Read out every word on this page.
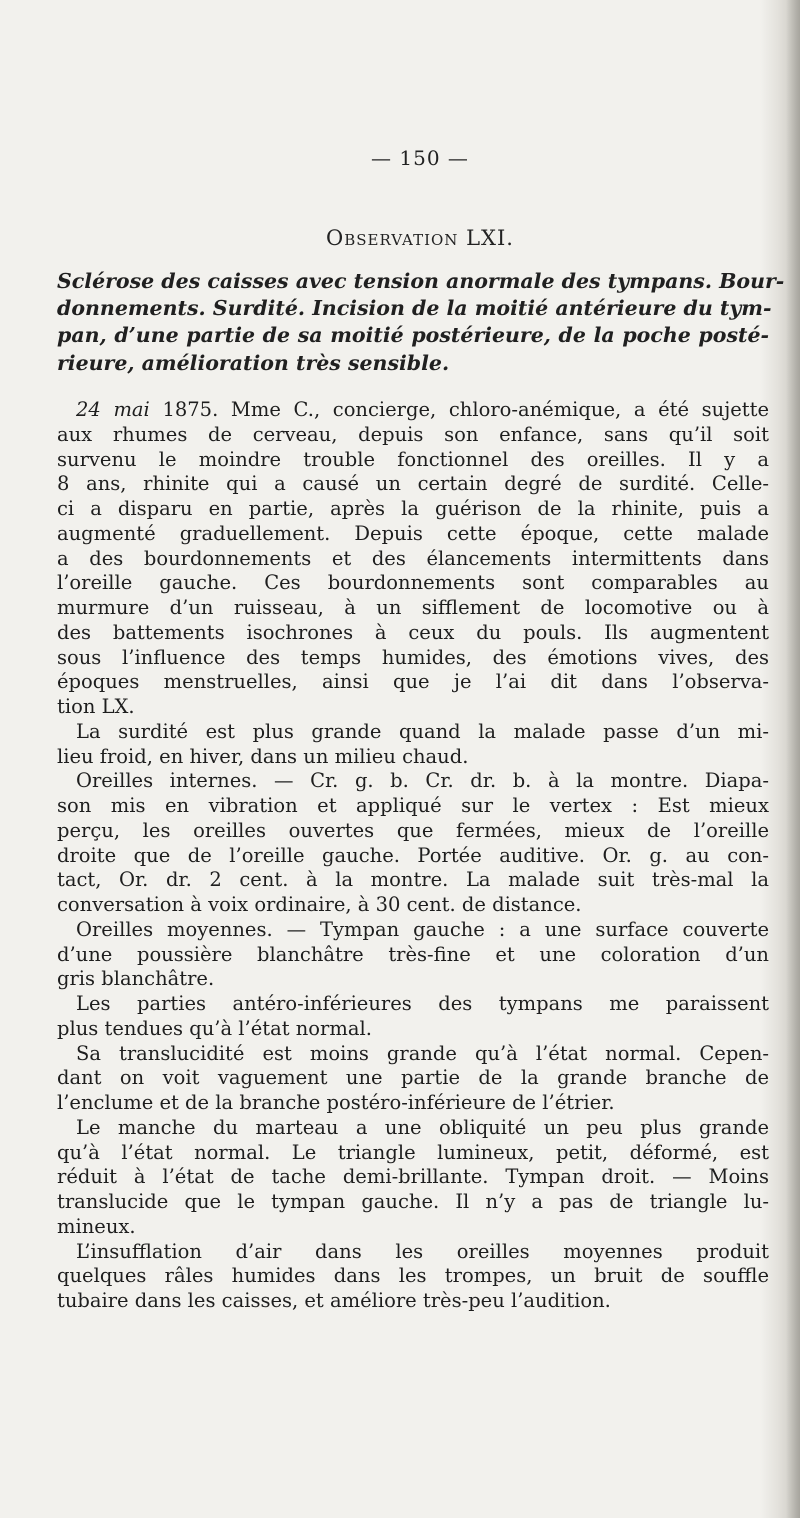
— 150 —
Observation LXI.
Sclérose des caisses avec tension anormale des tympans. Bour-
donnements. Surdité. Incision de la moitié antérieure du tym-
pan, d’une partie de sa moitié postérieure, de la poche posté-
rieure, amélioration très sensible.
24 mai 1875. Mme C., concierge, chloro-anémique, a été sujette
aux rhumes de cerveau, depuis son enfance, sans qu’il soit
survenu le moindre trouble fonctionnel des oreilles. Il y a
8 ans, rhinite qui a causé un certain degré de surdité. Celle-
ci a disparu en partie, après la guérison de la rhinite, puis a
augmenté graduellement. Depuis cette époque, cette malade
a des bourdonnements et des élancements intermittents dans
l’oreille gauche. Ces bourdonnements sont comparables au
murmure d’un ruisseau, à un sifflement de locomotive ou à
des battements isochrones à ceux du pouls. Ils augmentent
sous l’influence des temps humides, des émotions vives, des
époques menstruelles, ainsi que je l’ai dit dans l’observa-
tion LX.
La surdité est plus grande quand la malade passe d’un mi-
lieu froid, en hiver, dans un milieu chaud.
Oreilles internes. — Cr. g. b. Cr. dr. b. à la montre. Diapa-
son mis en vibration et appliqué sur le vertex : Est mieux
perçu, les oreilles ouvertes que fermées, mieux de l’oreille
droite que de l’oreille gauche. Portée auditive. Or. g. au con-
tact, Or. dr. 2 cent. à la montre. La malade suit très-mal la
conversation à voix ordinaire, à 30 cent. de distance.
Oreilles moyennes. — Tympan gauche : a une surface couverte
d’une poussière blanchâtre très-fine et une coloration d’un
gris blanchâtre.
Les parties antéro-inférieures des tympans me paraissent
plus tendues qu’à l’état normal.
Sa translucidité est moins grande qu’à l’état normal. Cepen-
dant on voit vaguement une partie de la grande branche de
l’enclume et de la branche postéro-inférieure de l’étrier.
Le manche du marteau a une obliquité un peu plus grande
qu’à l’état normal. Le triangle lumineux, petit, déformé, est
réduit à l’état de tache demi-brillante. Tympan droit. — Moins
translucide que le tympan gauche. Il n’y a pas de triangle lu-
mineux.
L’insufflation d’air dans les oreilles moyennes produit
quelques râles humides dans les trompes, un bruit de souffle
tubaire dans les caisses, et améliore très-peu l’audition.
